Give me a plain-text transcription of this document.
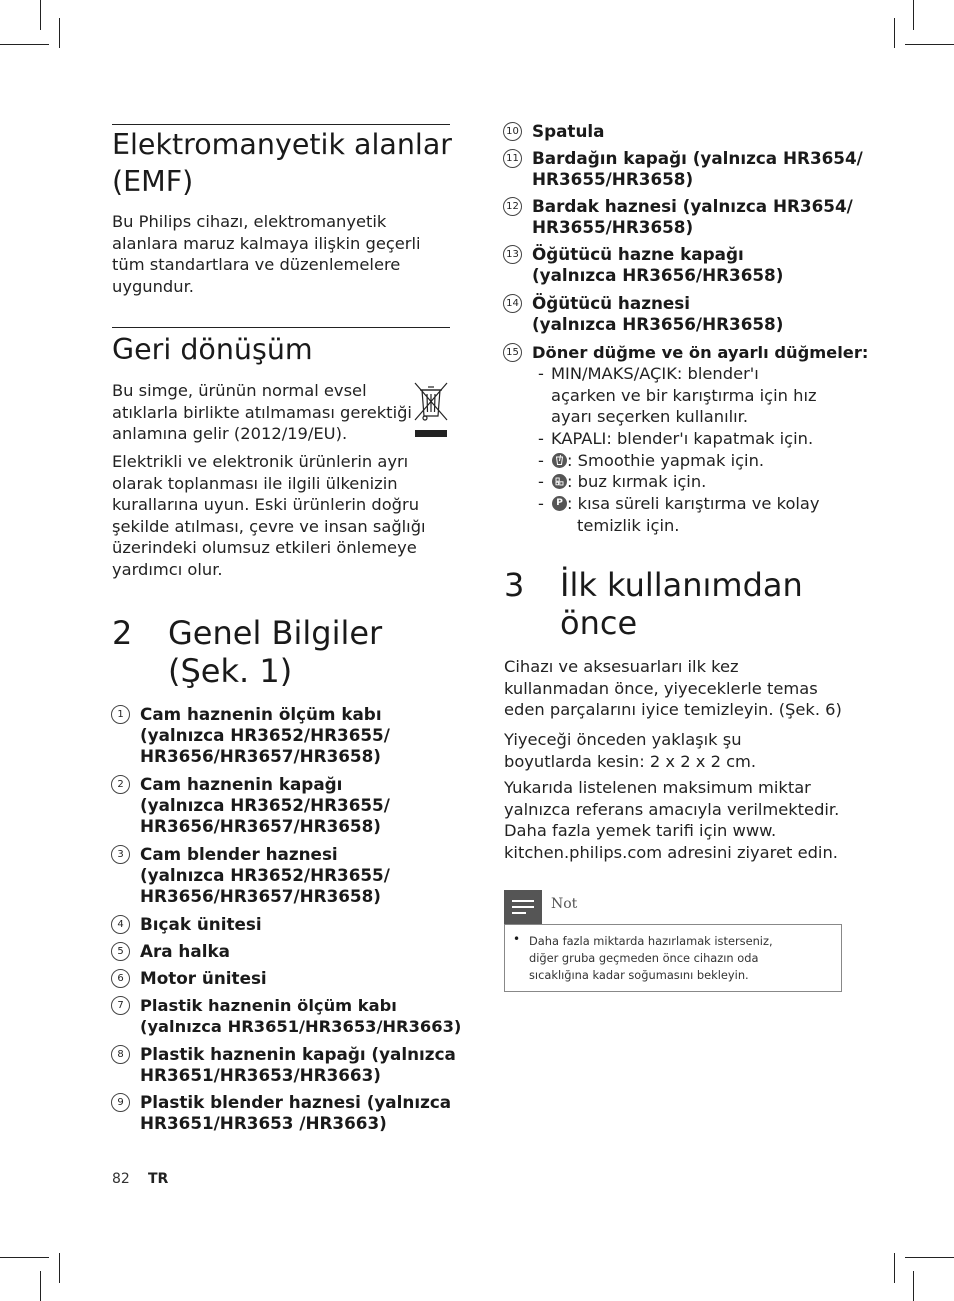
Elektromanyetik alanlar
(EMF)

Bu Philips cihazı, elektromanyetik
alanlara maruz kalmaya ilişkin geçerli
tüm standartlara ve düzenlemelere
uygundur.

Geri dönüşüm

Bu simge, ürünün normal evsel
atıklarla birlikte atılmaması gerektiği
anlamına gelir (2012/19/EU).

Elektrikli ve elektronik ürünlerin ayrı
olarak toplanması ile ilgili ülkenizin
kurallarına uyun. Eski ürünlerin doğru
şekilde atılması, çevre ve insan sağlığı
üzerindeki olumsuz etkileri önlemeye
yardımcı olur.

2 Genel Bilgiler
(Şek. 1)
1 Cam haznenin ölçüm kabı
(yalnızca HR3652/HR3655/
HR3656/HR3657/HR3658)
2 Cam haznenin kapağı
(yalnızca HR3652/HR3655/
HR3656/HR3657/HR3658)
3 Cam blender haznesi
(yalnızca HR3652/HR3655/
HR3656/HR3657/HR3658)
4 Bıçak ünitesi
5 Ara halka
6 Motor ünitesi
7	Plastik haznenin ölçüm kabı
(yalnızca HR3651/HR3653/HR3663)
8 Plastik haznenin kapağı (yalnızca
HR3651/HR3653/HR3663)
9 Plastik blender haznesi (yalnızca
HR3651/HR3653 /HR3663)
82 TR
10 Spatula
11 Bardağın kapağı (yalnızca HR3654/
HR3655/HR3658)
12 Bardak haznesi (yalnızca HR3654/
HR3655/HR3658)
13 Öğütücü hazne kapağı
(yalnızca HR3656/HR3658)
14 Öğütücü haznesi
(yalnızca HR3656/HR3658)
15 Döner düğme ve ön ayarlı düğmeler:
- MIN/MAKS/AÇIK: blender'ı
açarken ve bir karıştırma için hız
ayarı seçerken kullanılır.
- KAPALI: blender'ı kapatmak için.
- : Smoothie yapmak için.
- : buz kırmak için.
-	P : kısa süreli karıştırma ve kolay
temizlik için.
3 İlk kullanımdan
önce

Cihazı ve aksesuarları ilk kez
kullanmadan önce, yiyeceklerle temas
eden parçalarını iyice temizleyin. (Şek. 6)

Yiyeceği önceden yaklaşık şu
boyutlarda kesin: 2 x 2 x 2 cm.

Yukarıda listelenen maksimum miktar
yalnızca referans amacıyla verilmektedir.
Daha fazla yemek tarifi için www.
kitchen.philips.com adresini ziyaret edin.

Not
• Daha fazla miktarda hazırlamak isterseniz,
diğer gruba geçmeden önce cihazın oda
sıcaklığına kadar soğumasını bekleyin.
